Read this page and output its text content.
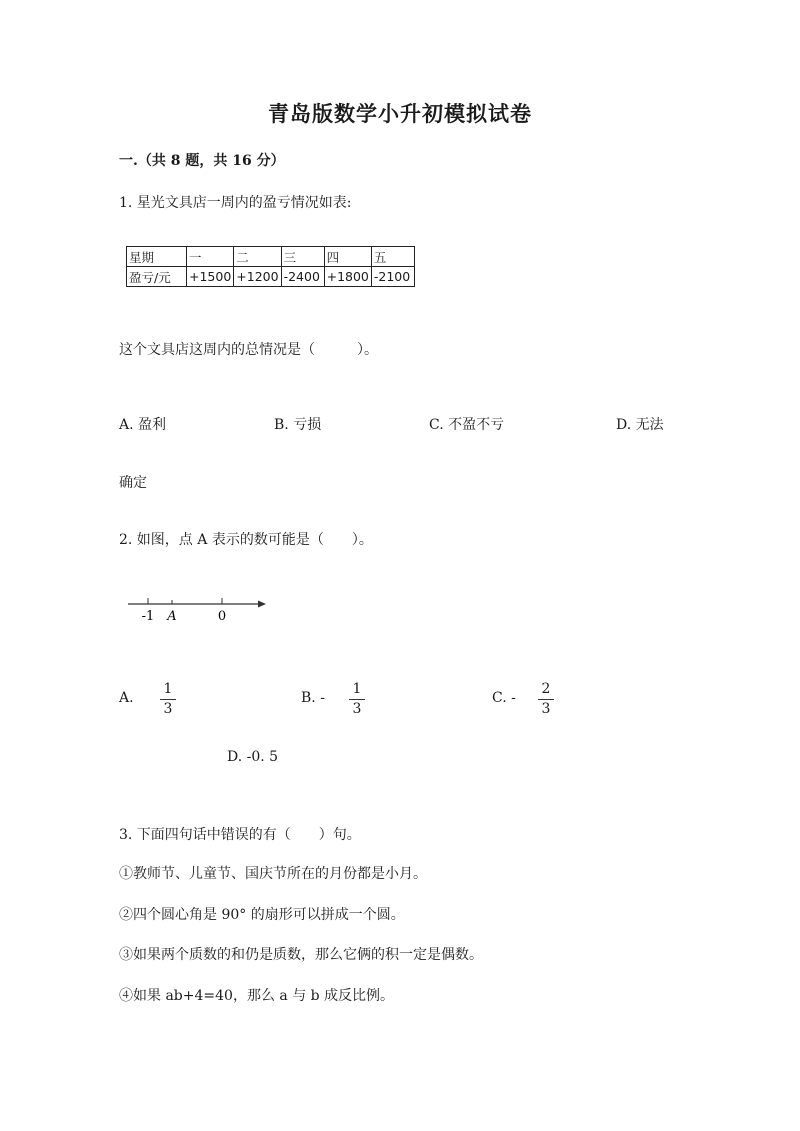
青岛版数学小升初模拟试卷
一.（共 8 题，共 16 分）
1. 星光文具店一周内的盈亏情况如表:
星期	一	二	三	四	五
盈亏/元	+1500	+1200	-2400	+1800	-2100
这个文具店这周内的总情况是（　　　）。
A. 盈利	B. 亏损	C. 不盈不亏	D. 无法
确定
2. 如图，点 A 表示的数可能是（　　）。
-1 A	0
A.
1
3
B. -
1
3
C. -
2
3
D. -0. 5
3. 下面四句话中错误的有（　　）句。
①教师节、儿童节、国庆节所在的月份都是小月。
②四个圆心角是 90° 的扇形可以拼成一个圆。
③如果两个质数的和仍是质数，那么它俩的积一定是偶数。
④如果 ab+4=40，那么 a 与 b 成反比例。
